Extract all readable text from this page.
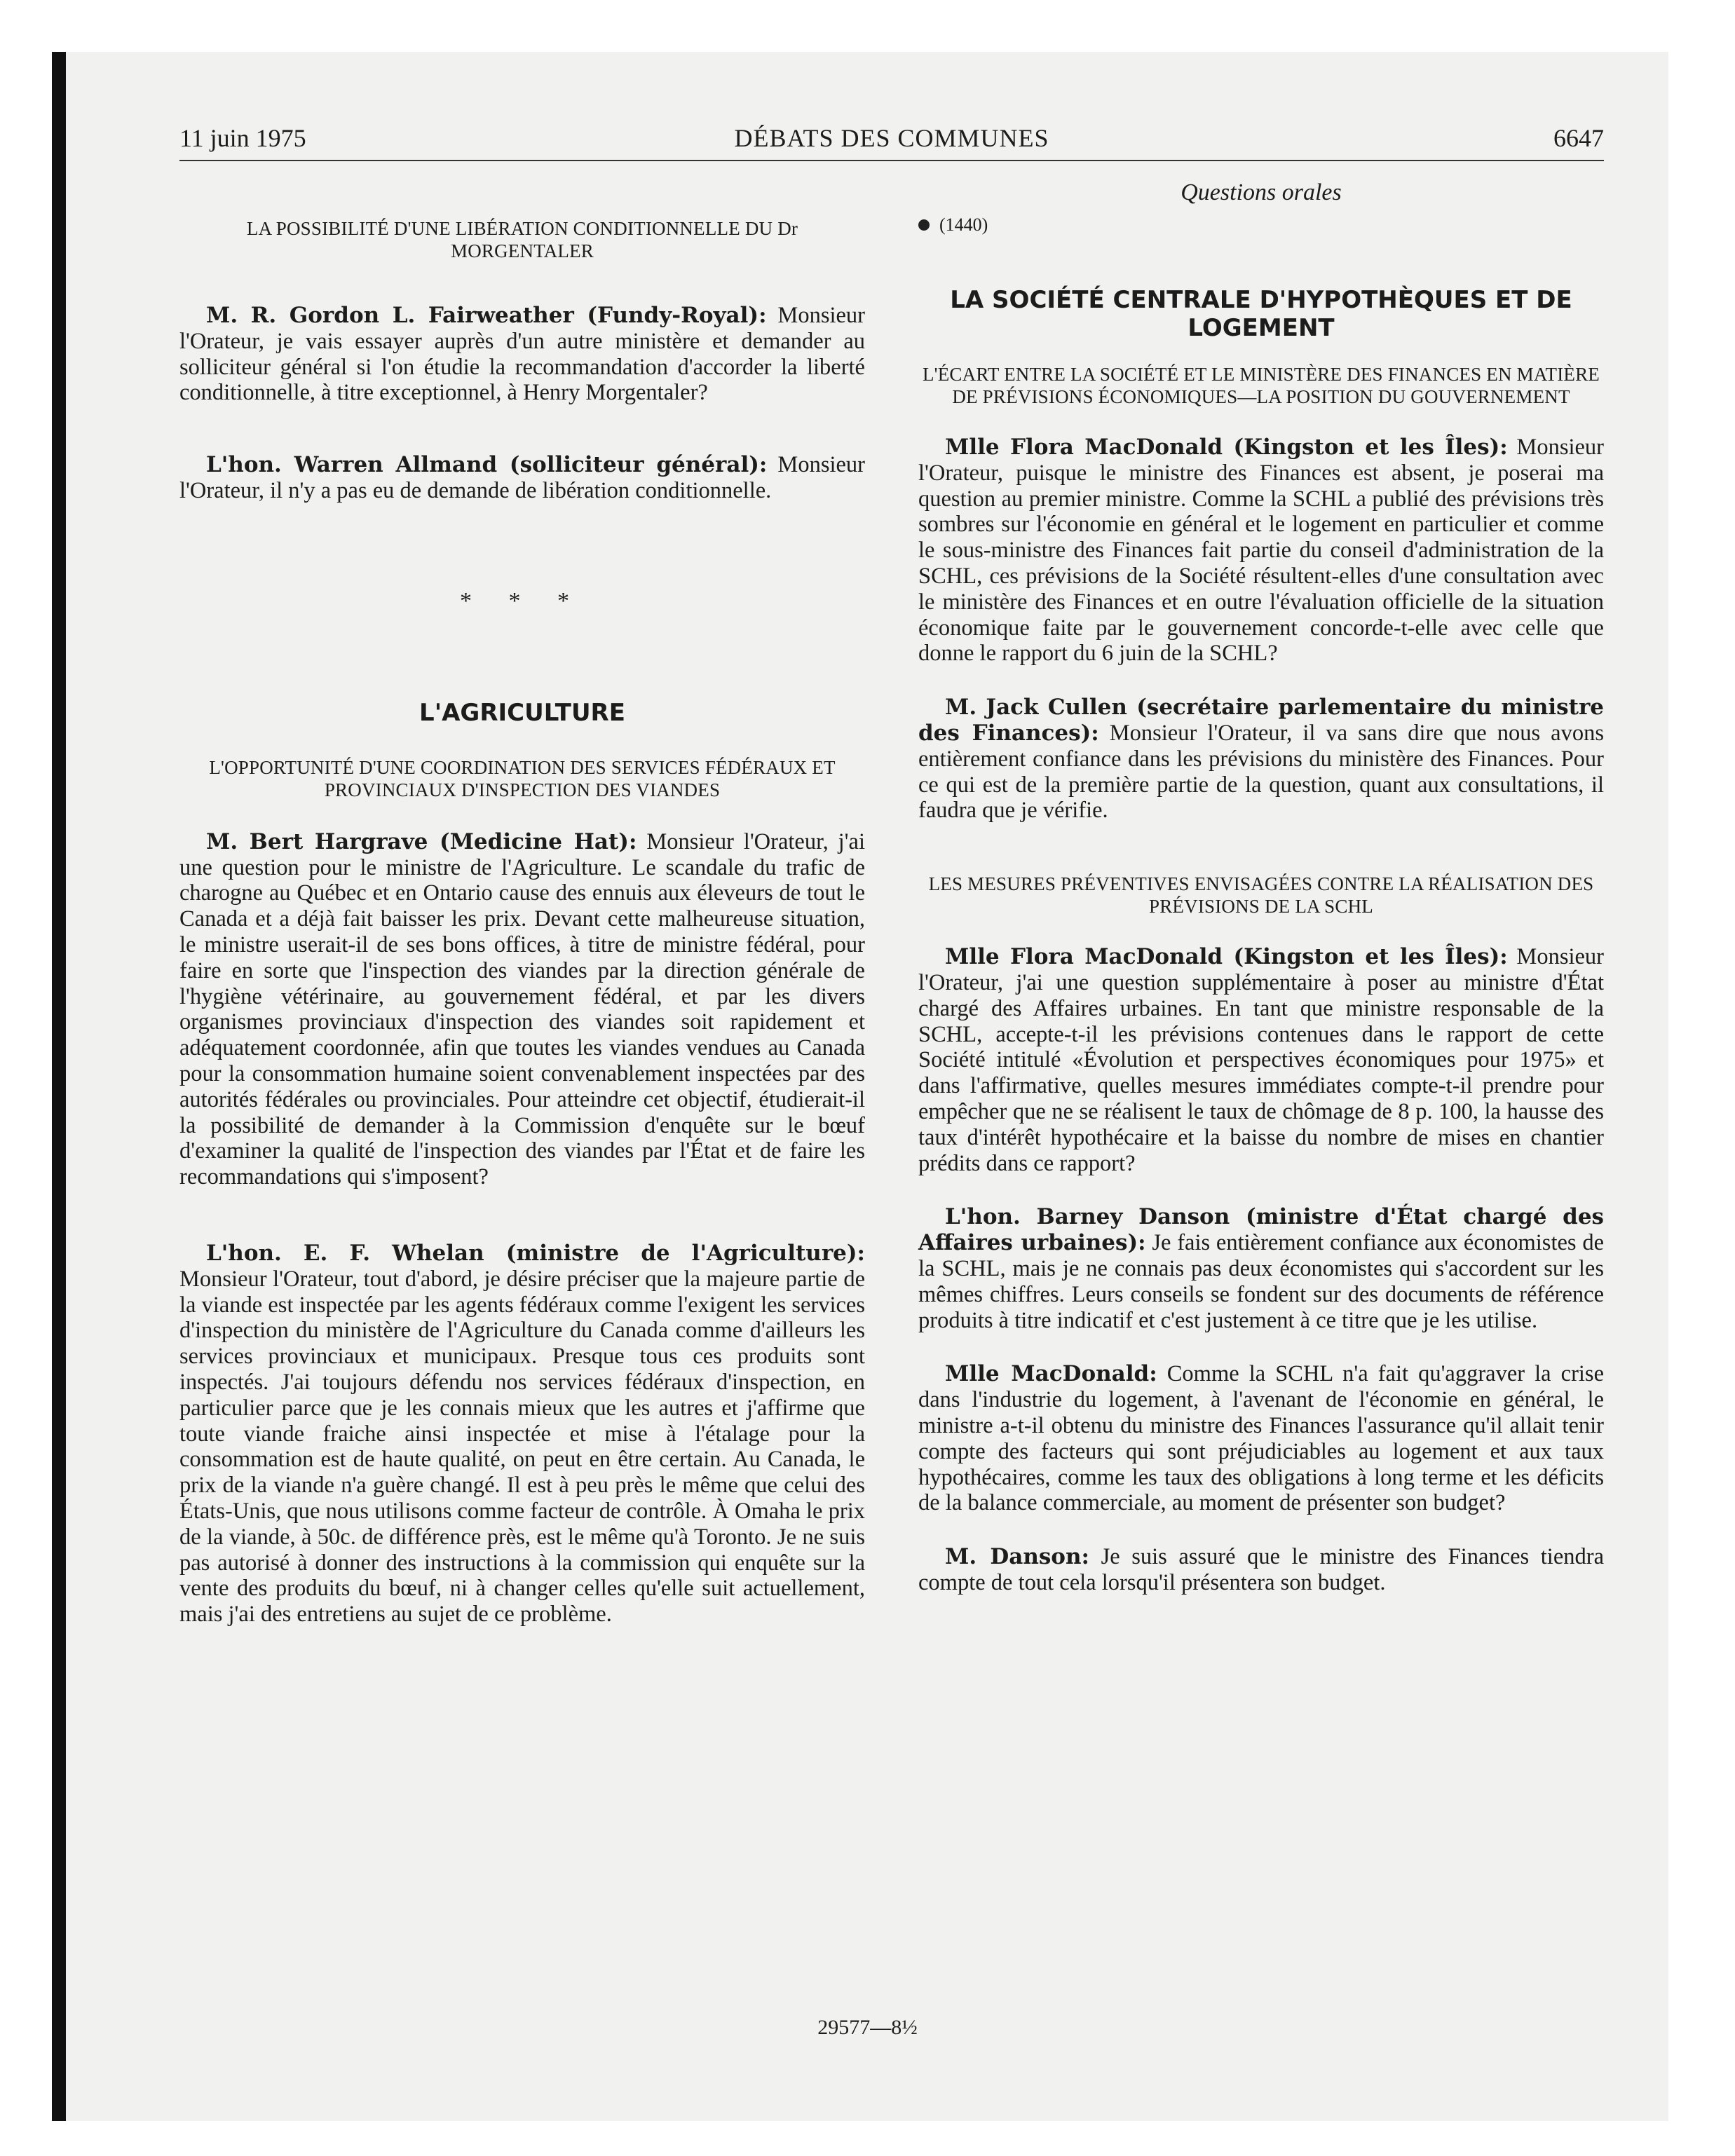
11 juin 1975	DÉBATS DES COMMUNES	6647
Questions orales

LA POSSIBILITÉ D'UNE LIBÉRATION CONDITIONNELLE DU Dr MORGENTALER

M. R. Gordon L. Fairweather (Fundy-Royal): Monsieur l'Orateur, je vais essayer auprès d'un autre ministère et demander au solliciteur général si l'on étudie la recommandation d'accorder la liberté conditionnelle, à titre exceptionnel, à Henry Morgentaler?

L'hon. Warren Allmand (solliciteur général): Monsieur l'Orateur, il n'y a pas eu de demande de libération conditionnelle.

* * *

L'AGRICULTURE

L'OPPORTUNITÉ D'UNE COORDINATION DES SERVICES FÉDÉRAUX ET PROVINCIAUX D'INSPECTION DES VIANDES

M. Bert Hargrave (Medicine Hat): Monsieur l'Orateur, j'ai une question pour le ministre de l'Agriculture. Le scandale du trafic de charogne au Québec et en Ontario cause des ennuis aux éleveurs de tout le Canada et a déjà fait baisser les prix. Devant cette malheureuse situation, le ministre userait-il de ses bons offices, à titre de ministre fédéral, pour faire en sorte que l'inspection des viandes par la direction générale de l'hygiène vétérinaire, au gouvernement fédéral, et par les divers organismes provinciaux d'inspection des viandes soit rapidement et adéquatement coordonnée, afin que toutes les viandes vendues au Canada pour la consommation humaine soient convenablement inspectées par des autorités fédérales ou provinciales. Pour atteindre cet objectif, étudierait-il la possibilité de demander à la Commission d'enquête sur le bœuf d'examiner la qualité de l'inspection des viandes par l'État et de faire les recommandations qui s'imposent?

L'hon. E. F. Whelan (ministre de l'Agriculture): Monsieur l'Orateur, tout d'abord, je désire préciser que la majeure partie de la viande est inspectée par les agents fédéraux comme l'exigent les services d'inspection du ministère de l'Agriculture du Canada comme d'ailleurs les services provinciaux et municipaux. Presque tous ces produits sont inspectés. J'ai toujours défendu nos services fédéraux d'inspection, en particulier parce que je les connais mieux que les autres et j'affirme que toute viande fraiche ainsi inspectée et mise à l'étalage pour la consommation est de haute qualité, on peut en être certain. Au Canada, le prix de la viande n'a guère changé. Il est à peu près le même que celui des États-Unis, que nous utilisons comme facteur de contrôle. À Omaha le prix de la viande, à 50c. de différence près, est le même qu'à Toronto. Je ne suis pas autorisé à donner des instructions à la commission qui enquête sur la vente des produits du bœuf, ni à changer celles qu'elle suit actuellement, mais j'ai des entretiens au sujet de ce problème.

(1440)

LA SOCIÉTÉ CENTRALE D'HYPOTHÈQUES ET DE LOGEMENT

L'ÉCART ENTRE LA SOCIÉTÉ ET LE MINISTÈRE DES FINANCES EN MATIÈRE DE PRÉVISIONS ÉCONOMIQUES—LA POSITION DU GOUVERNEMENT

Mlle Flora MacDonald (Kingston et les Îles): Monsieur l'Orateur, puisque le ministre des Finances est absent, je poserai ma question au premier ministre. Comme la SCHL a publié des prévisions très sombres sur l'économie en général et le logement en particulier et comme le sous-ministre des Finances fait partie du conseil d'administration de la SCHL, ces prévisions de la Société résultent-elles d'une consultation avec le ministère des Finances et en outre l'évaluation officielle de la situation économique faite par le gouvernement concorde-t-elle avec celle que donne le rapport du 6 juin de la SCHL?

M. Jack Cullen (secrétaire parlementaire du ministre des Finances): Monsieur l'Orateur, il va sans dire que nous avons entièrement confiance dans les prévisions du ministère des Finances. Pour ce qui est de la première partie de la question, quant aux consultations, il faudra que je vérifie.

LES MESURES PRÉVENTIVES ENVISAGÉES CONTRE LA RÉALISATION DES PRÉVISIONS DE LA SCHL

Mlle Flora MacDonald (Kingston et les Îles): Monsieur l'Orateur, j'ai une question supplémentaire à poser au ministre d'État chargé des Affaires urbaines. En tant que ministre responsable de la SCHL, accepte-t-il les prévisions contenues dans le rapport de cette Société intitulé «Évolution et perspectives économiques pour 1975» et dans l'affirmative, quelles mesures immédiates compte-t-il prendre pour empêcher que ne se réalisent le taux de chômage de 8 p. 100, la hausse des taux d'intérêt hypothécaire et la baisse du nombre de mises en chantier prédits dans ce rapport?

L'hon. Barney Danson (ministre d'État chargé des Affaires urbaines): Je fais entièrement confiance aux économistes de la SCHL, mais je ne connais pas deux économistes qui s'accordent sur les mêmes chiffres. Leurs conseils se fondent sur des documents de référence produits à titre indicatif et c'est justement à ce titre que je les utilise.

Mlle MacDonald: Comme la SCHL n'a fait qu'aggraver la crise dans l'industrie du logement, à l'avenant de l'économie en général, le ministre a-t-il obtenu du ministre des Finances l'assurance qu'il allait tenir compte des facteurs qui sont préjudiciables au logement et aux taux hypothécaires, comme les taux des obligations à long terme et les déficits de la balance commerciale, au moment de présenter son budget?

M. Danson: Je suis assuré que le ministre des Finances tiendra compte de tout cela lorsqu'il présentera son budget.

29577—8½
